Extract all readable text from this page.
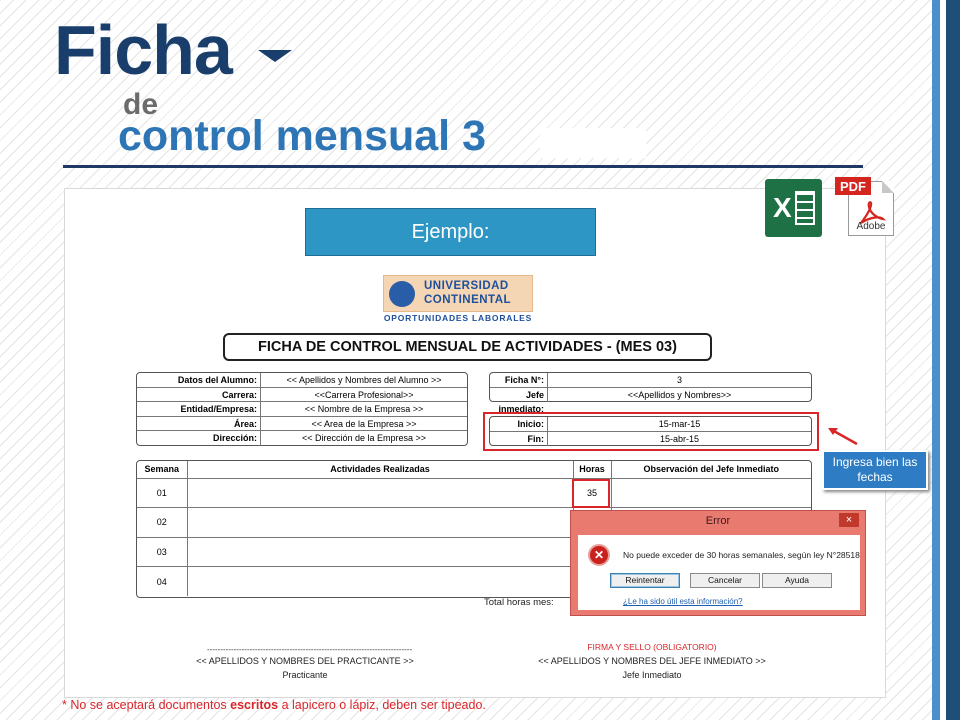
Ficha
de
control mensual 3
Ejemplo:
X
Adobe
PDF
UNIVERSIDAD
CONTINENTAL
OPORTUNIDADES LABORALES
FICHA DE CONTROL MENSUAL DE ACTIVIDADES - (MES 03)
Datos del Alumno:	<< Apellidos y Nombres del Alumno >>
Carrera:	<<Carrera Profesional>>
Entidad/Empresa:	<< Nombre de la Empresa >>
Área:	<< Area de la Empresa >>
Dirección:	<< Dirección de la Empresa >>
Ficha N°:	3
Jefe inmediato:
<<Apellidos y Nombres>>
Inicio:	15-mar-15
Fin:	15-abr-15
Ingresa bien las fechas
Semana	Actividades Realizadas	Horas	Observación del Jefe Inmediato
01		35	
02			
03			
04			
Total horas mes:
-----------------------------------------------------------------------------
<< APELLIDOS Y NOMBRES DEL PRACTICANTE >>
Practicante
FIRMA Y SELLO (OBLIGATORIO)
<< APELLIDOS Y NOMBRES DEL JEFE INMEDIATO >>
Jefe Inmediato
* No se aceptará documentos escritos a lapicero o lápiz, deben ser tipeado.
Error	×
✕	No puede exceder de 30 horas semanales, según ley N°28518
Reintentar	Cancelar	Ayuda
¿Le ha sido útil esta información?
